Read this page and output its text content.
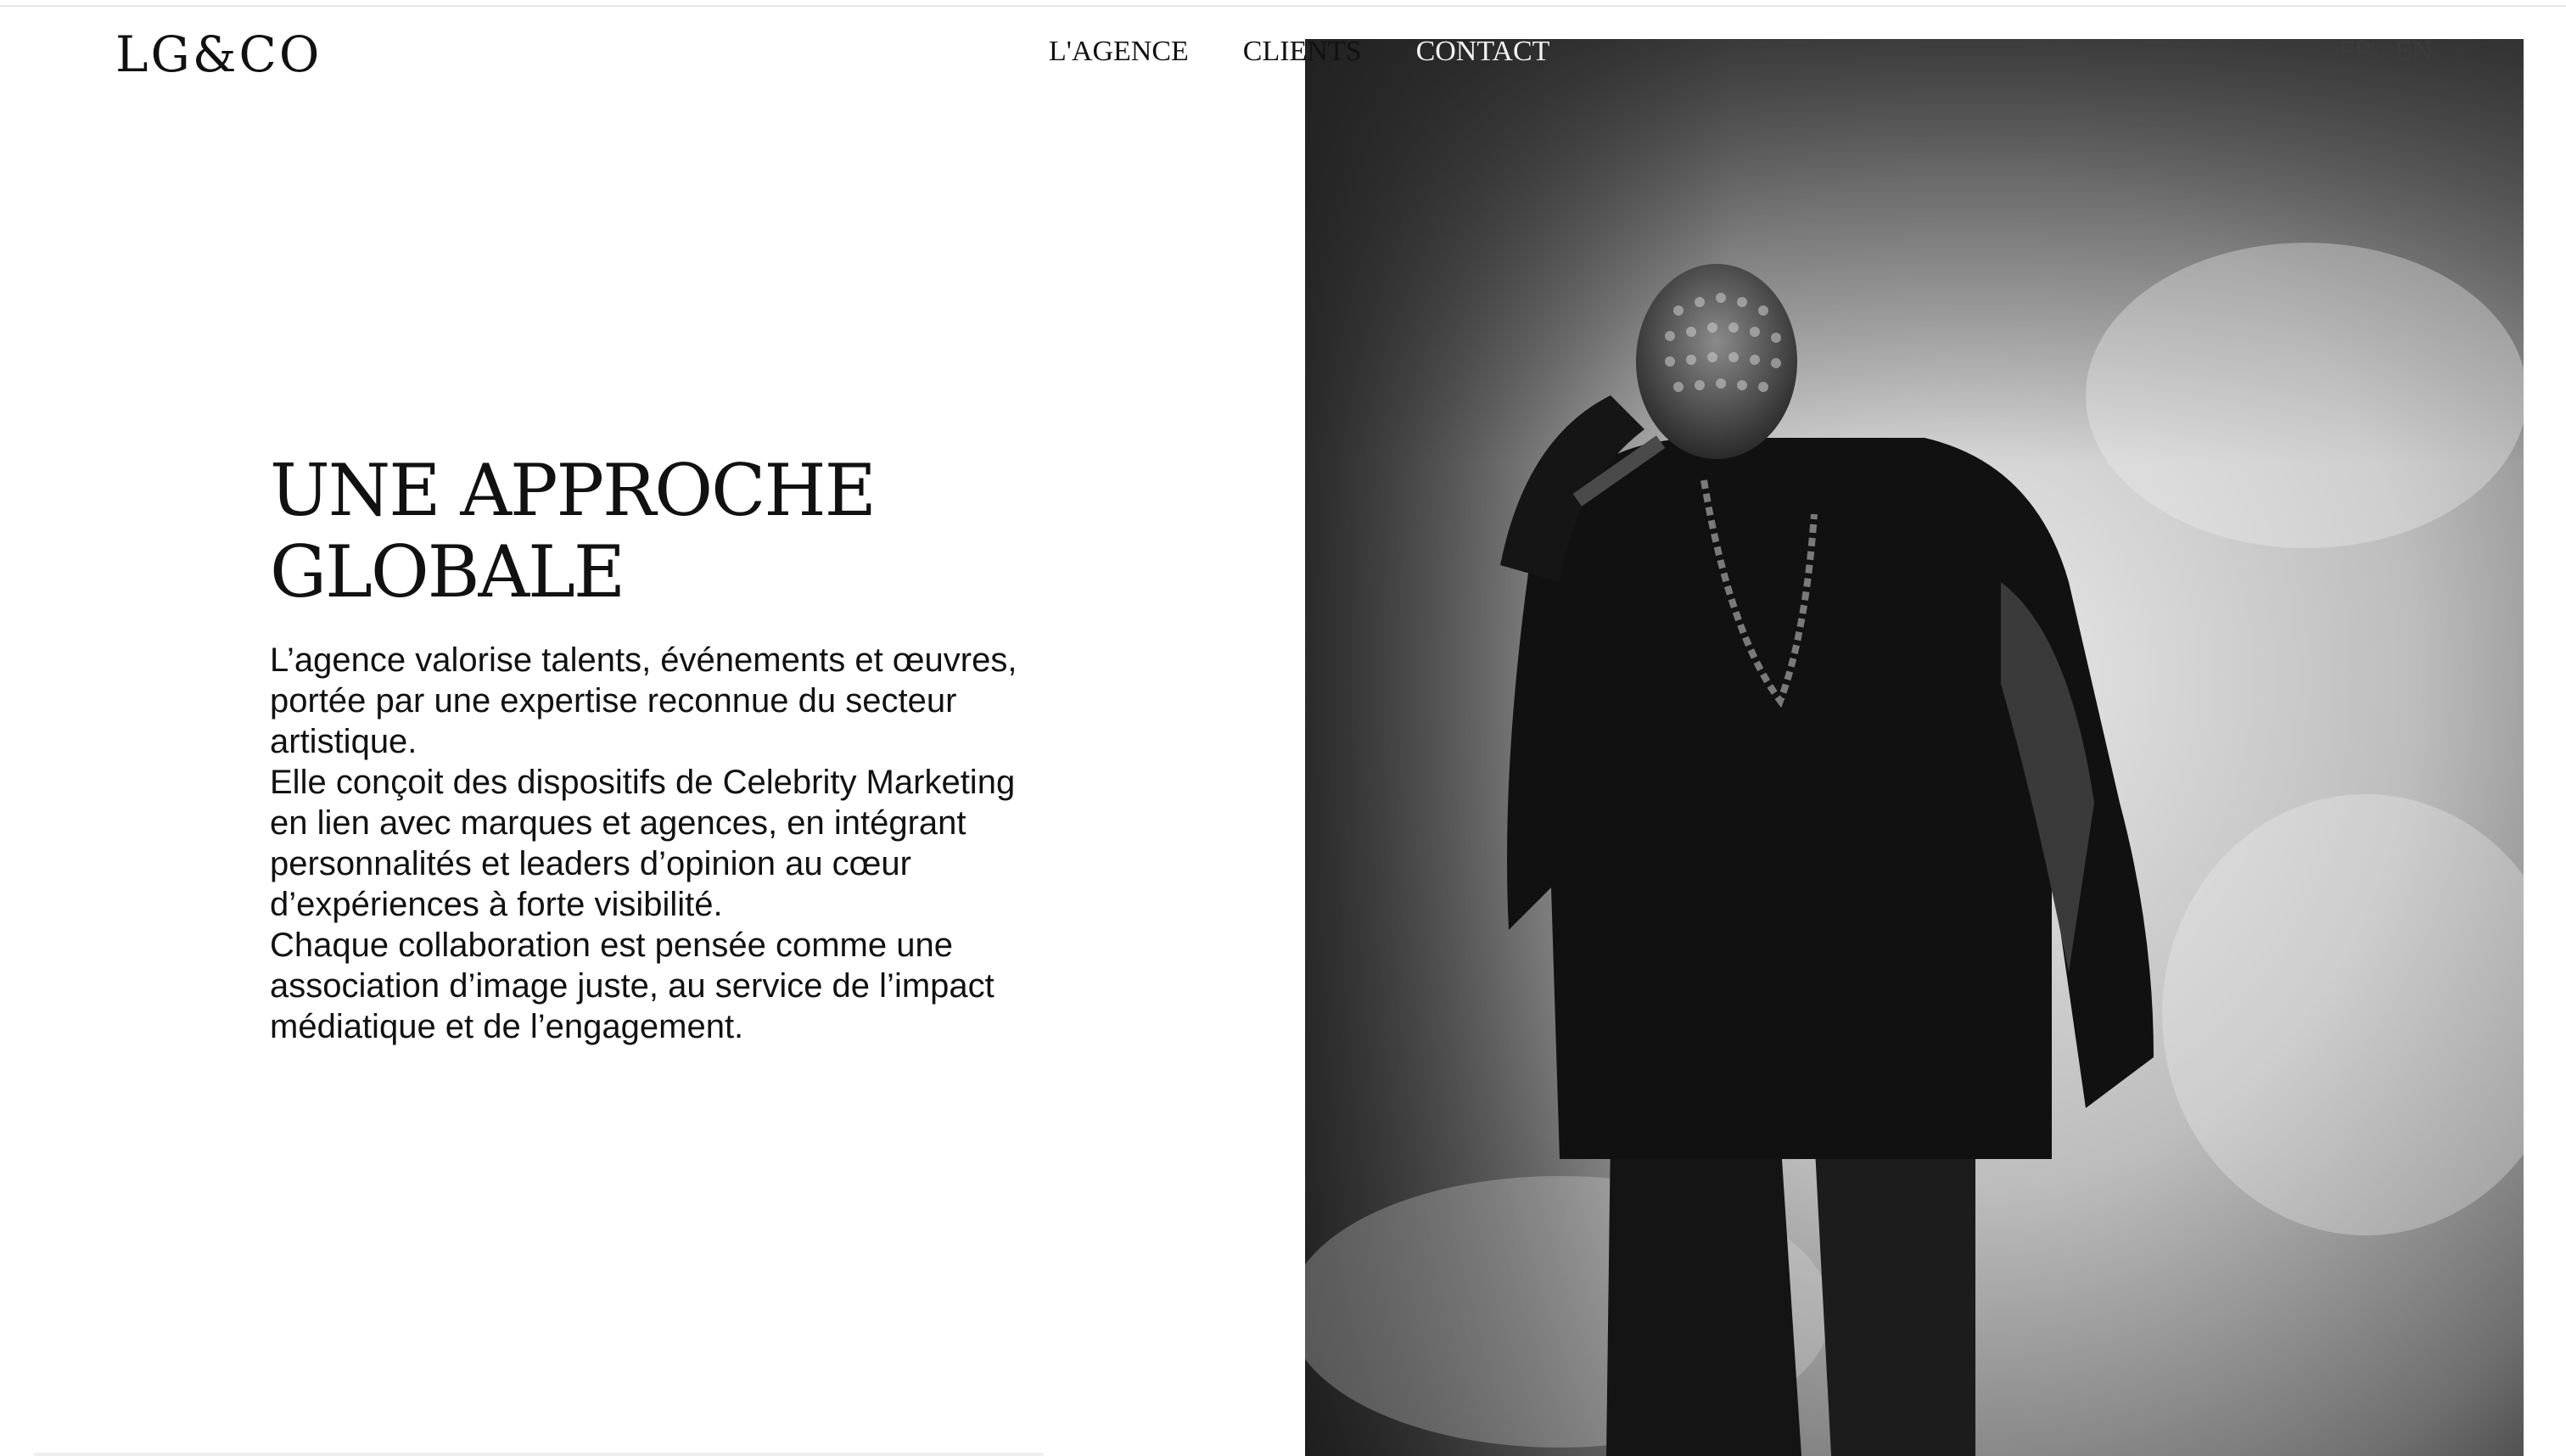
LG&CO	L'AGENCE CLIENTS CONTACT	FR / EN
UNE APPROCHE
GLOBALE

L’agence valorise talents, événements et œuvres, portée par une expertise reconnue du secteur artistique.

Elle conçoit des dispositifs de Celebrity Marketing en lien avec marques et agences, en intégrant personnalités et leaders d’opinion au cœur d’expériences à forte visibilité.

Chaque collaboration est pensée comme une association d’image juste, au service de l’impact médiatique et de l’engagement.
